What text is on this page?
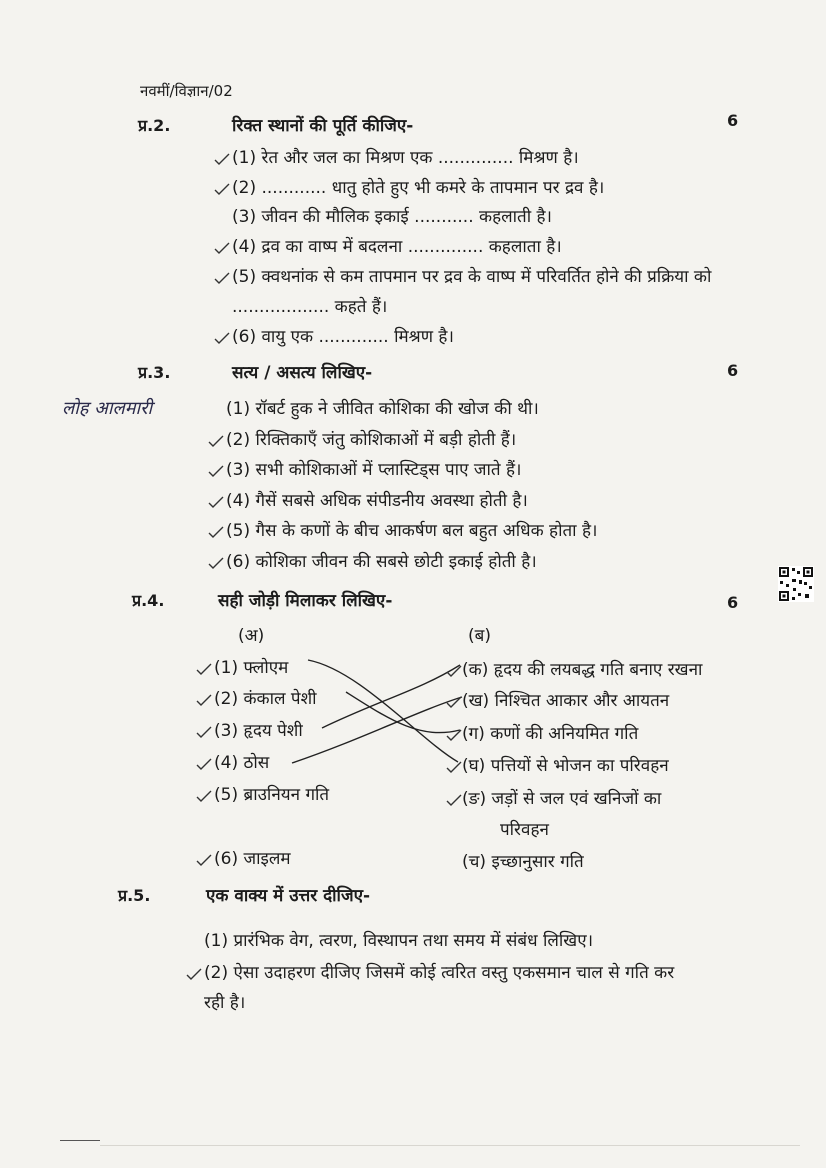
नवमीं/विज्ञान/02
प्र.2.	रिक्त स्थानों की पूर्ति कीजिए-	6
(1) रेत और जल का मिश्रण एक .............. मिश्रण है।
(2) ............ धातु होते हुए भी कमरे के तापमान पर द्रव है।
(3) जीवन की मौलिक इकाई ........... कहलाती है।
(4) द्रव का वाष्प में बदलना .............. कहलाता है।
(5) क्वथनांक से कम तापमान पर द्रव के वाष्प में परिवर्तित होने की प्रक्रिया को
.................. कहते हैं।
(6) वायु एक ............. मिश्रण है।
प्र.3.	सत्य / असत्य लिखिए-	6
लोह आलमारी	(1) रॉबर्ट हुक ने जीवित कोशिका की खोज की थी।
(2) रिक्तिकाएँ जंतु कोशिकाओं में बड़ी होती हैं।
(3) सभी कोशिकाओं में प्लास्टिड्स पाए जाते हैं।
(4) गैसें सबसे अधिक संपीडनीय अवस्था होती है।
(5) गैस के कणों के बीच आकर्षण बल बहुत अधिक होता है।
(6) कोशिका जीवन की सबसे छोटी इकाई होती है।
प्र.4.	सही जोड़ी मिलाकर लिखिए-	6
(अ)	(ब)
(1) फ्लोएम
(2) कंकाल पेशी
(3) हृदय पेशी
(4) ठोस
(5) ब्राउनियन गति
(6) जाइलम
(क) हृदय की लयबद्ध गति बनाए रखना
(ख) निश्चित आकार और आयतन
(ग) कणों की अनियमित गति
(घ) पत्तियों से भोजन का परिवहन
(ङ) जड़ों से जल एवं खनिजों का
परिवहन
(च) इच्छानुसार गति
प्र.5.	एक वाक्य में उत्तर दीजिए-
(1) प्रारंभिक वेग, त्वरण, विस्थापन तथा समय में संबंध लिखिए।
(2) ऐसा उदाहरण दीजिए जिसमें कोई त्वरित वस्तु एकसमान चाल से गति कर
रही है।
